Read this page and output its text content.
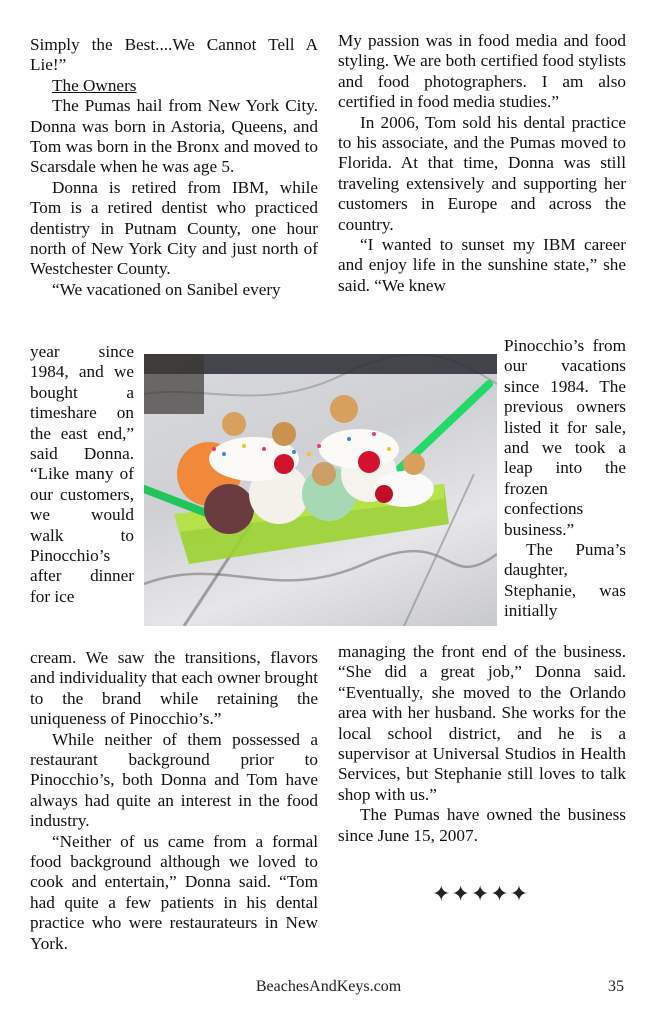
Simply the Best....We Cannot Tell A Lie!”

The Owners

The Pumas hail from New York City. Donna was born in Astoria, Queens, and Tom was born in the Bronx and moved to Scarsdale when he was age 5.

Donna is retired from IBM, while Tom is a retired dentist who practiced dentistry in Putnam County, one hour north of New York City and just north of Westchester County.

“We vacationed on Sanibel every

year since 1984, and we bought a timeshare on the east end,” said Donna. “Like many of our customers, we would walk to Pinocchio’s after dinner for ice

cream. We saw the transitions, flavors and individuality that each owner brought to the brand while retaining the uniqueness of Pinocchio’s.”

While neither of them possessed a restaurant background prior to Pinocchio’s, both Donna and Tom have always had quite an interest in the food industry.

“Neither of us came from a formal food background although we loved to cook and entertain,” Donna said. “Tom had quite a few patients in his dental practice who were restaurateurs in New York.

My passion was in food media and food styling. We are both certified food stylists and food photographers. I am also certified in food media studies.”

In 2006, Tom sold his dental practice to his associate, and the Pumas moved to Florida. At that time, Donna was still traveling extensively and supporting her customers in Europe and across the country.

“I wanted to sunset my IBM career and enjoy life in the sunshine state,” she said. “We knew

Pinocchio’s from our vacations since 1984. The previous owners listed it for sale, and we took a leap into the frozen confections business.”

The Puma’s daughter, Stephanie, was initially

managing the front end of the business. “She did a great job,” Donna said. “Eventually, she moved to the Orlando area with her husband. She works for the local school district, and he is a supervisor at Universal Studios in Health Services, but Stephanie still loves to talk shop with us.”

The Pumas have owned the business since June 15, 2007.

✦✦✦✦✦
BeachesAndKeys.com	35
